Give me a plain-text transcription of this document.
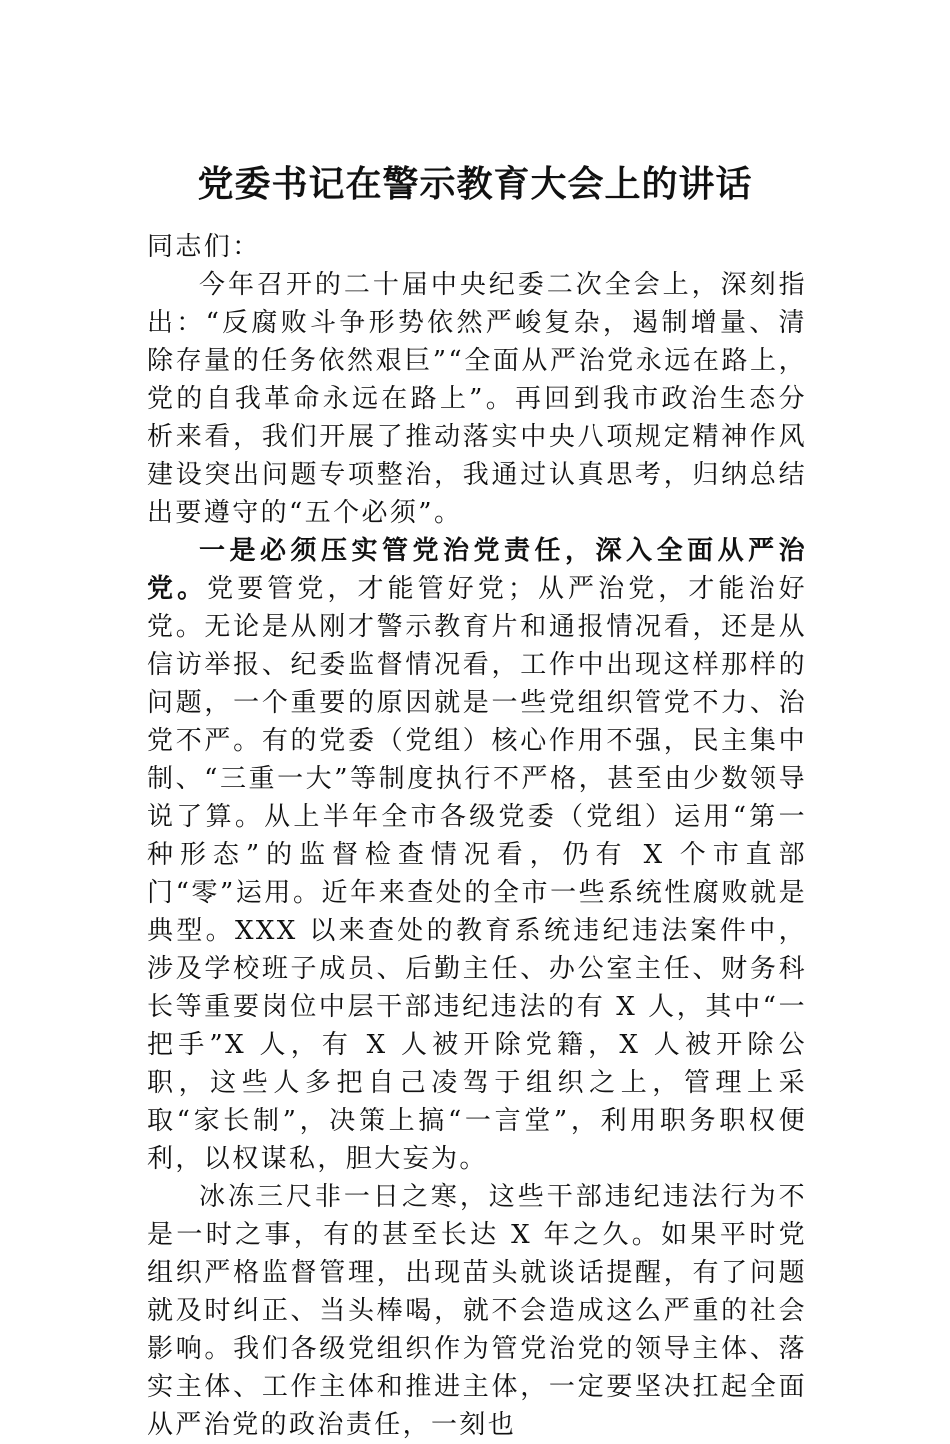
党委书记在警示教育大会上的讲话

同志们：

今年召开的二十届中央纪委二次全会上，深刻指出：“反腐败斗争形势依然严峻复杂，遏制增量、清除存量的任务依然艰巨”“全面从严治党永远在路上，党的自我革命永远在路上”。再回到我市政治生态分析来看，我们开展了推动落实中央八项规定精神作风建设突出问题专项整治，我通过认真思考，归纳总结出要遵守的“五个必须”。

一是必须压实管党治党责任，深入全面从严治党。党要管党，才能管好党；从严治党，才能治好党。无论是从刚才警示教育片和通报情况看，还是从信访举报、纪委监督情况看，工作中出现这样那样的问题，一个重要的原因就是一些党组织管党不力、治党不严。有的党委（党组）核心作用不强，民主集中制、“三重一大”等制度执行不严格，甚至由少数领导说了算。从上半年全市各级党委（党组）运用“第一种形态”的监督检查情况看，仍有 X 个市直部门“零”运用。近年来查处的全市一些系统性腐败就是典型。XXX 以来查处的教育系统违纪违法案件中，涉及学校班子成员、后勤主任、办公室主任、财务科长等重要岗位中层干部违纪违法的有 X 人，其中“一把手”X 人，有 X 人被开除党籍，X 人被开除公职，这些人多把自己凌驾于组织之上，管理上采取“家长制”，决策上搞“一言堂”，利用职务职权便利，以权谋私，胆大妄为。

冰冻三尺非一日之寒，这些干部违纪违法行为不是一时之事，有的甚至长达 X 年之久。如果平时党组织严格监督管理，出现苗头就谈话提醒，有了问题就及时纠正、当头棒喝，就不会造成这么严重的社会影响。我们各级党组织作为管党治党的领导主体、落实主体、工作主体和推进主体，一定要坚决扛起全面从严治党的政治责任，一刻也
